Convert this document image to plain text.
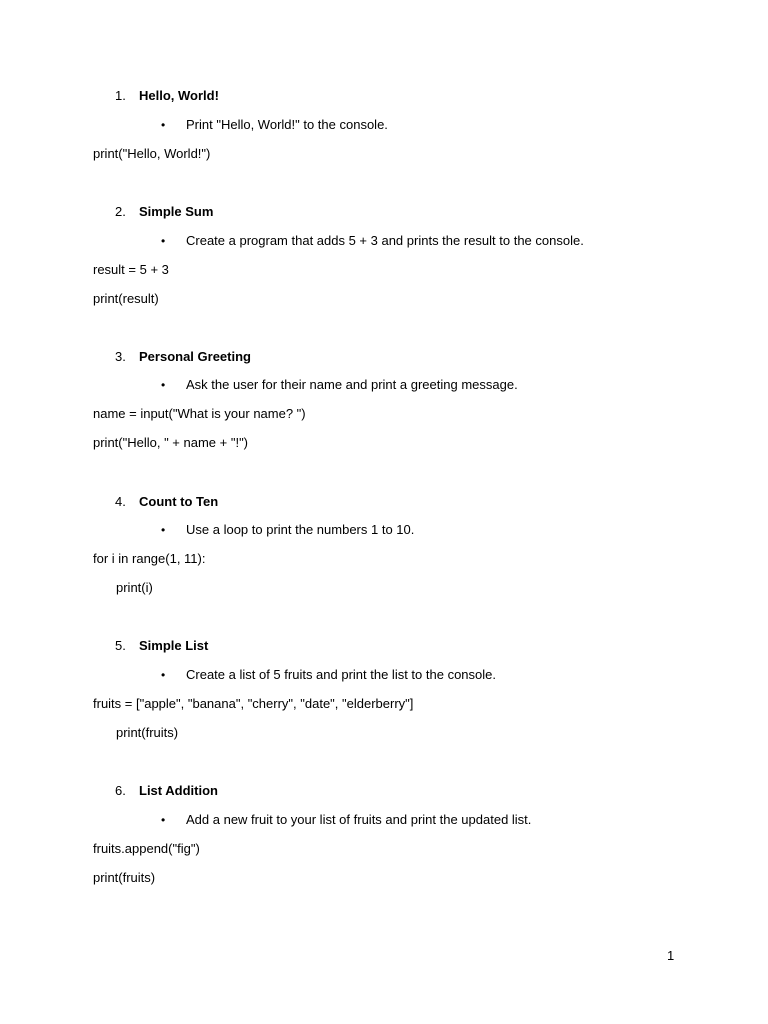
1. Hello, World!
• Print "Hello, World!" to the console.
print("Hello, World!")
2. Simple Sum
• Create a program that adds 5 + 3 and prints the result to the console.
result = 5 + 3
print(result)
3. Personal Greeting
• Ask the user for their name and print a greeting message.
name = input("What is your name? ")
print("Hello, " + name + "!")
4. Count to Ten
• Use a loop to print the numbers 1 to 10.
for i in range(1, 11):
print(i)
5. Simple List
• Create a list of 5 fruits and print the list to the console.
fruits = ["apple", "banana", "cherry", "date", "elderberry"]
print(fruits)
6. List Addition
• Add a new fruit to your list of fruits and print the updated list.
fruits.append("fig")
print(fruits)
1
